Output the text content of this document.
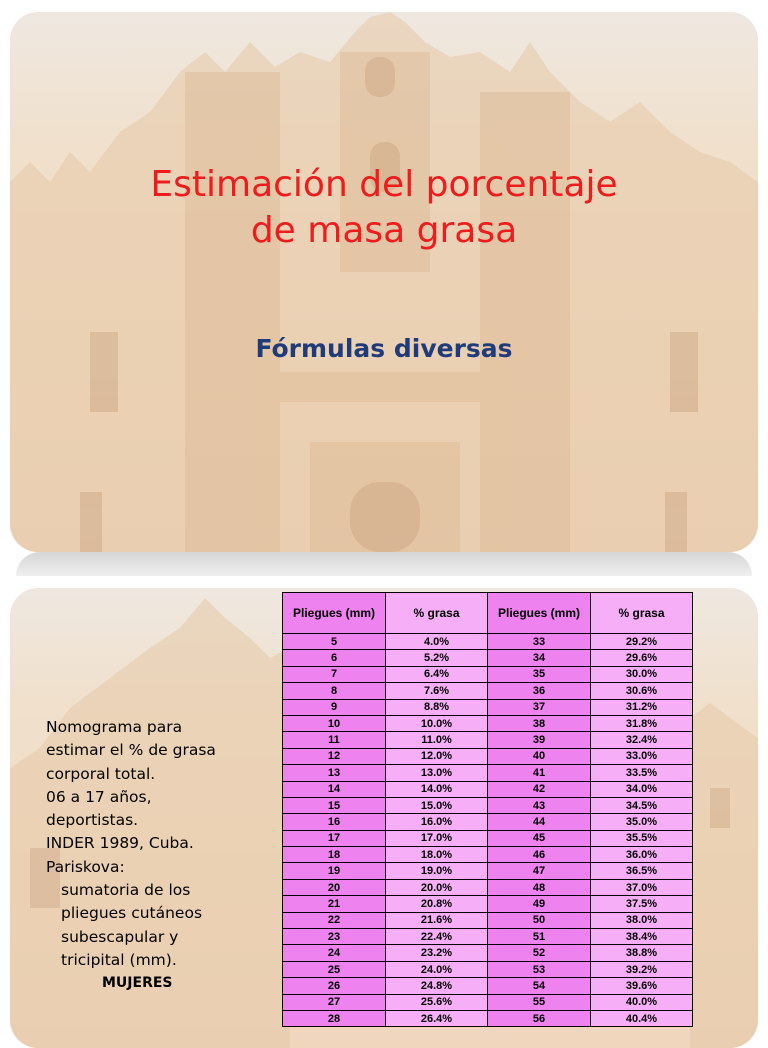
Estimación del porcentaje
de masa grasa
Fórmulas diversas
Nomograma para
estimar el % de grasa
corporal total.
06 a 17 años,
deportistas.
INDER 1989, Cuba.
Pariskova:
sumatoria de los
pliegues cutáneos
subescapular y
tricipital (mm).
MUJERES
Pliegues (mm)	% grasa	Pliegues (mm)	% grasa
5	4.0%	33	29.2%
6	5.2%	34	29.6%
7	6.4%	35	30.0%
8	7.6%	36	30.6%
9	8.8%	37	31.2%
10	10.0%	38	31.8%
11	11.0%	39	32.4%
12	12.0%	40	33.0%
13	13.0%	41	33.5%
14	14.0%	42	34.0%
15	15.0%	43	34.5%
16	16.0%	44	35.0%
17	17.0%	45	35.5%
18	18.0%	46	36.0%
19	19.0%	47	36.5%
20	20.0%	48	37.0%
21	20.8%	49	37.5%
22	21.6%	50	38.0%
23	22.4%	51	38.4%
24	23.2%	52	38.8%
25	24.0%	53	39.2%
26	24.8%	54	39.6%
27	25.6%	55	40.0%
28	26.4%	56	40.4%
